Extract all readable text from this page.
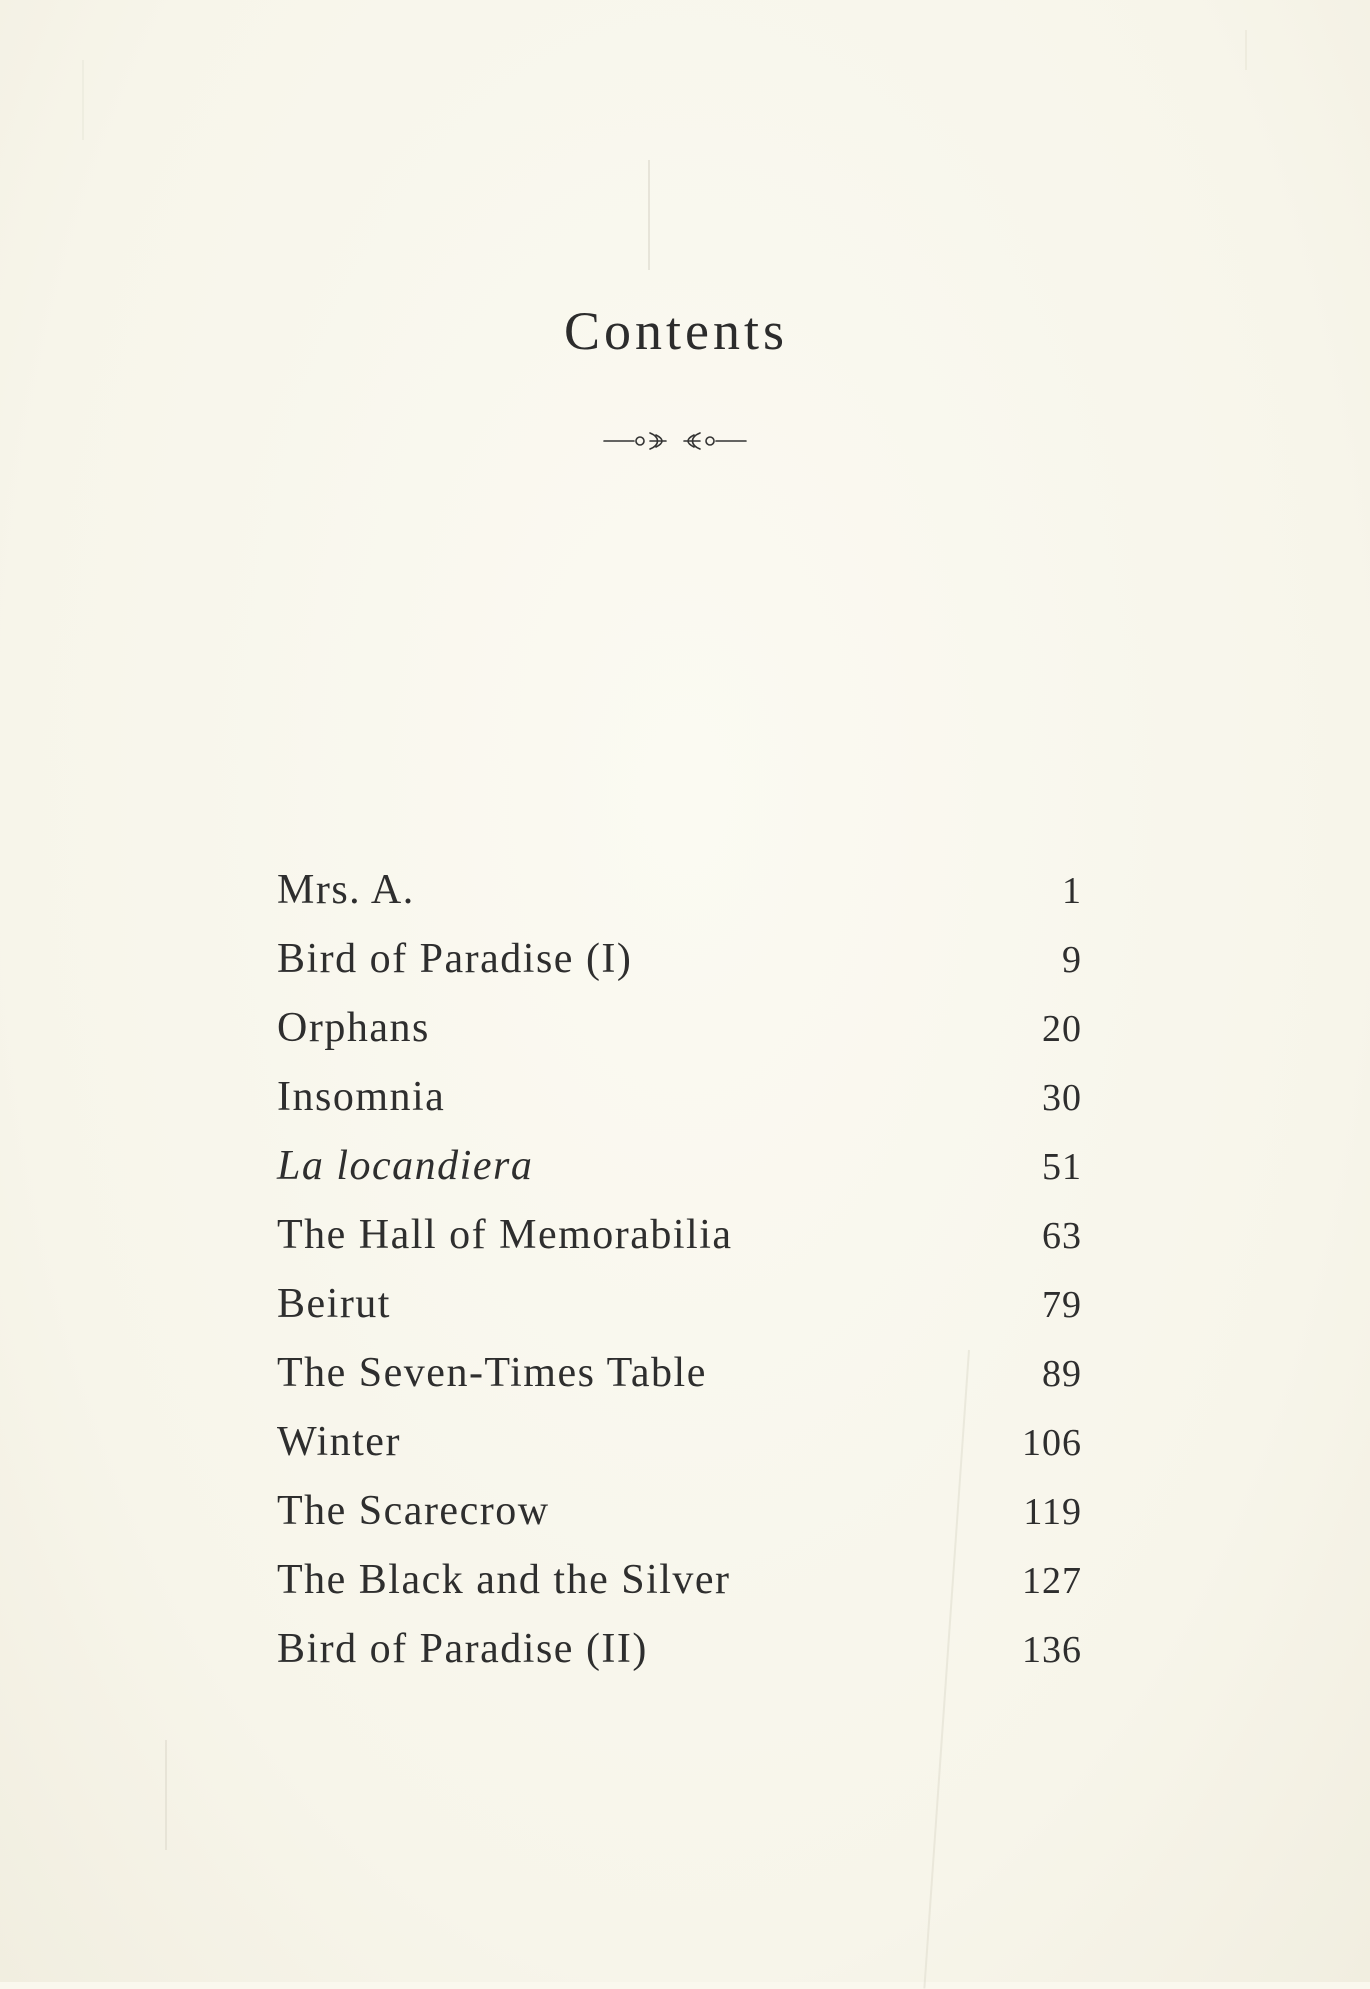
Contents
Mrs. A.	1
Bird of Paradise (I)	9
Orphans	20
Insomnia	30
La locandiera	51
The Hall of Memorabilia	63
Beirut	79
The Seven-Times Table	89
Winter	106
The Scarecrow	119
The Black and the Silver	127
Bird of Paradise (II)	136
